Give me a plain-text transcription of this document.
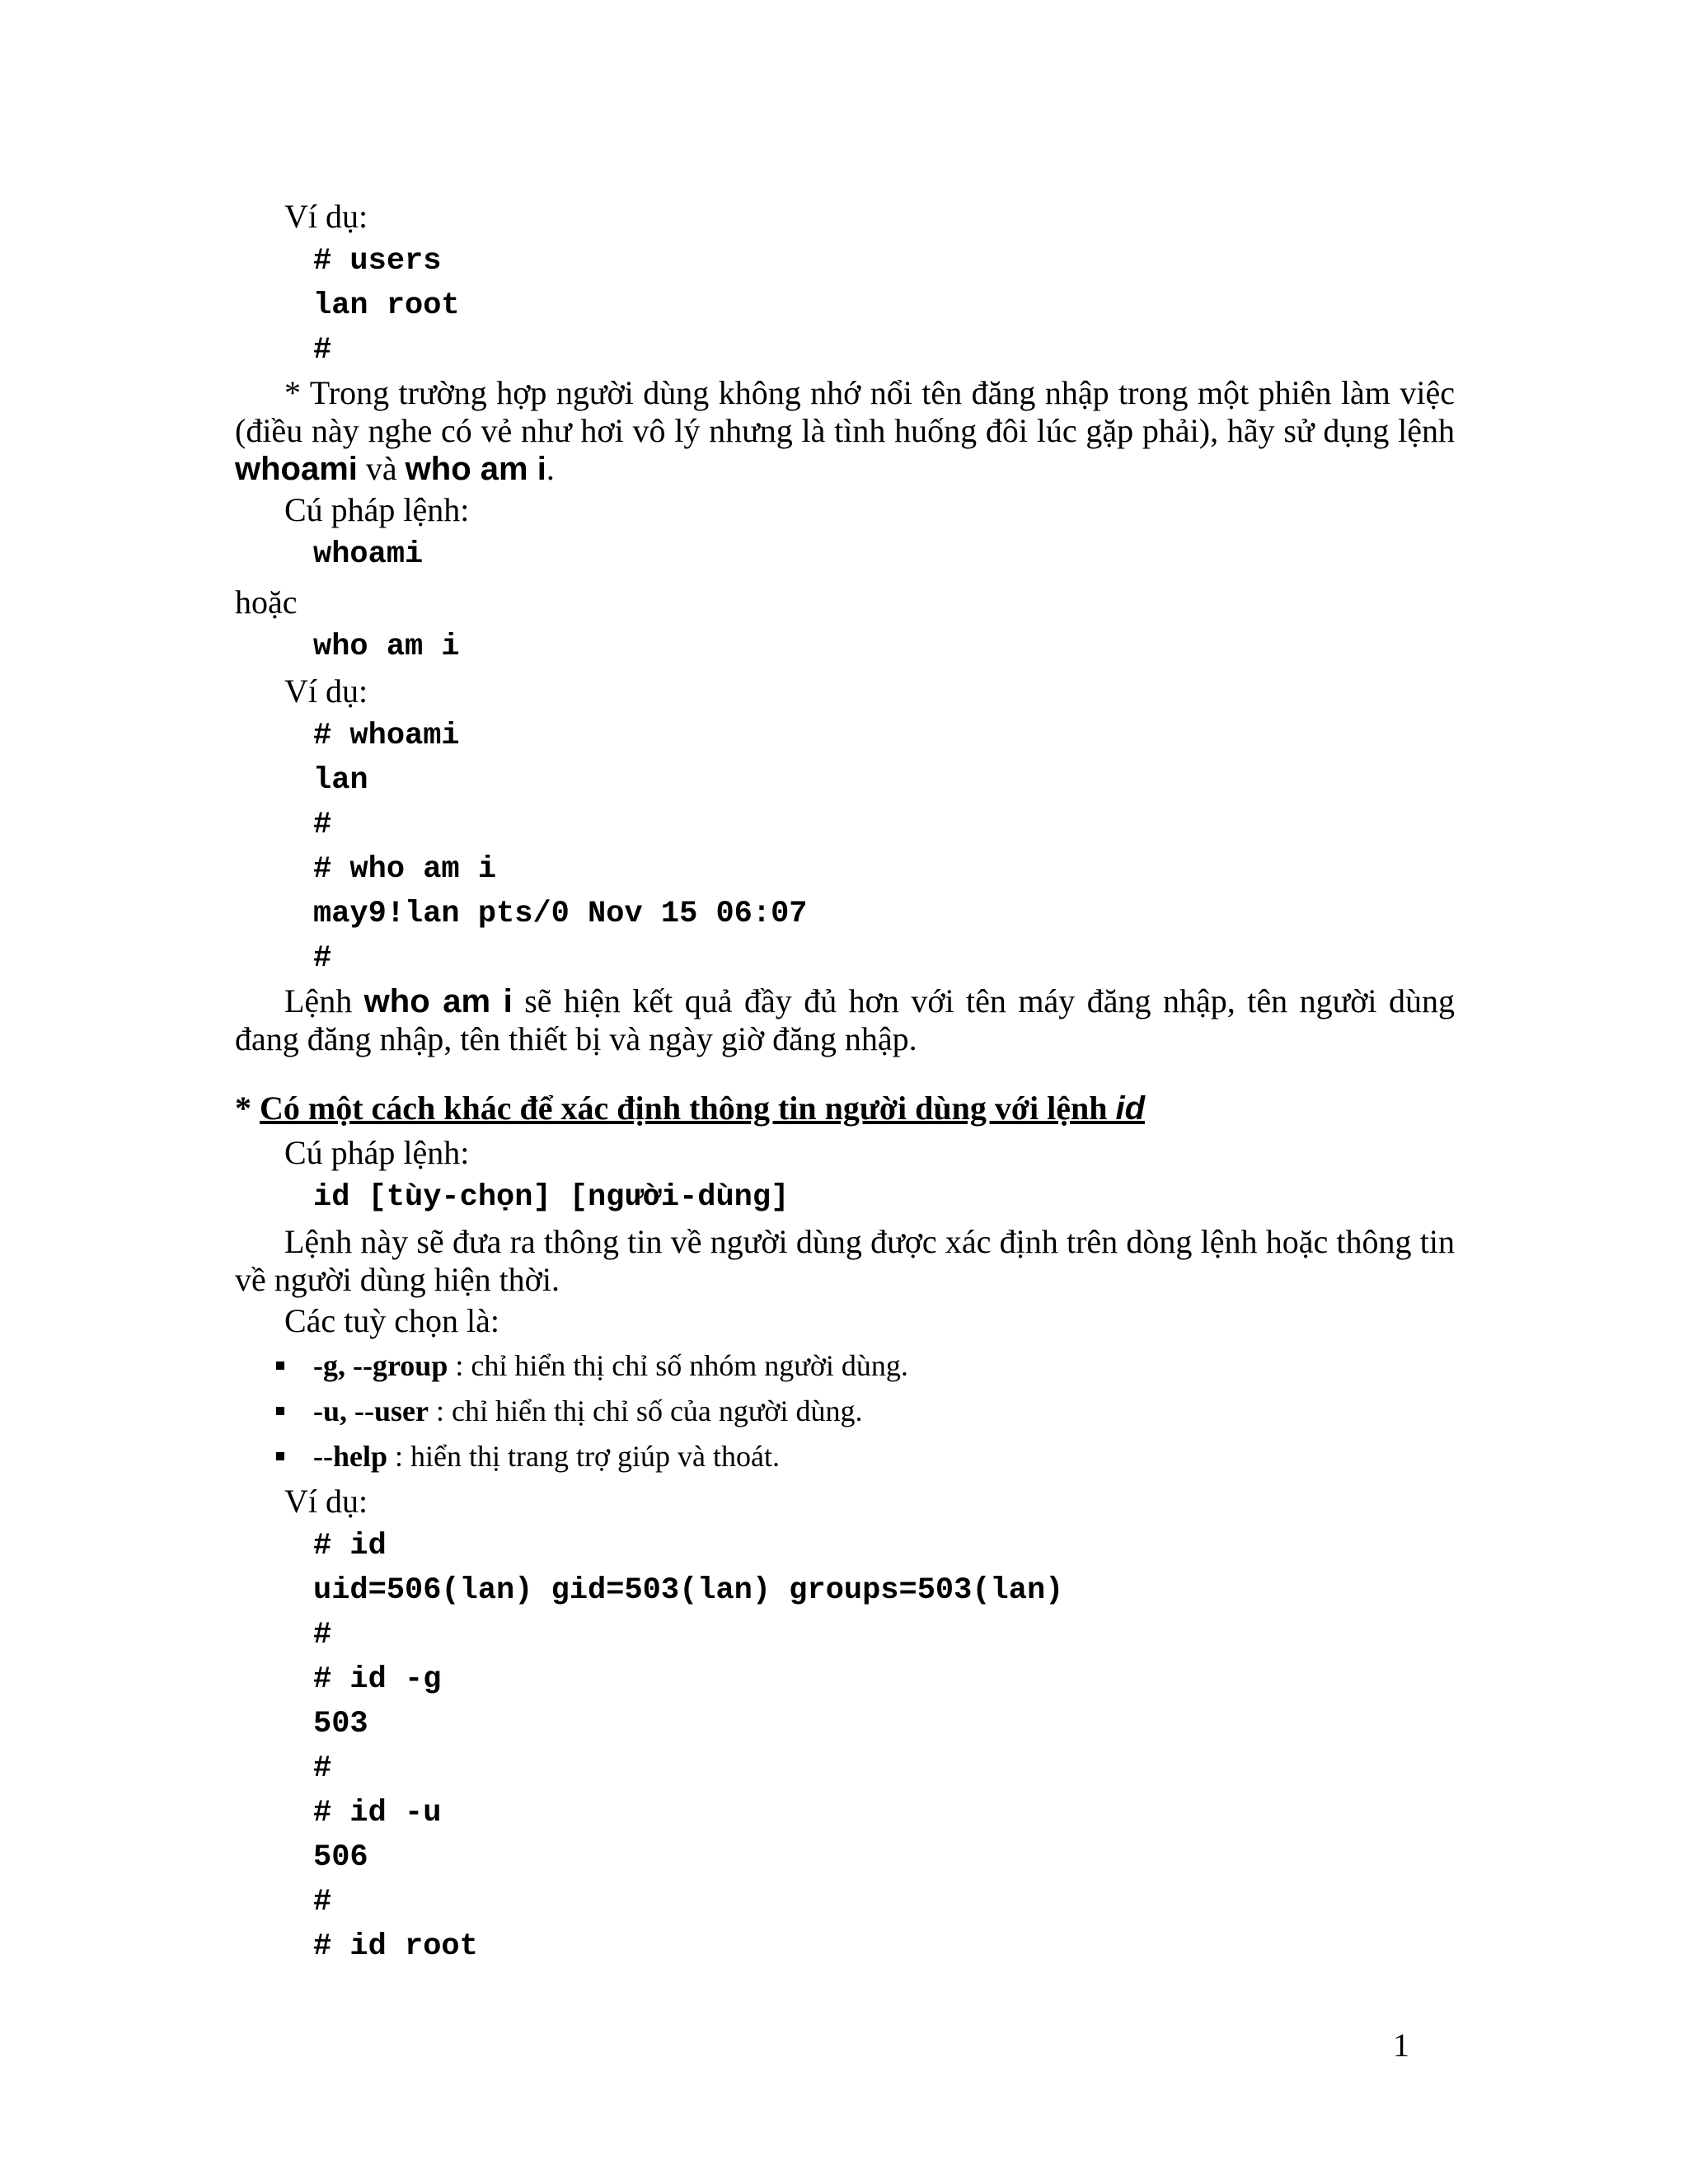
Ví dụ:
# users
lan root
#
* Trong trường hợp người dùng không nhớ nổi tên đăng nhập trong một phiên làm việc (điều này nghe có vẻ như hơi vô lý nhưng là tình huống đôi lúc gặp phải), hãy sử dụng lệnh whoami và who am i.
Cú pháp lệnh:
whoami
hoặc
who am i
Ví dụ:
# whoami
lan
#
# who am i
may9!lan pts/0 Nov 15 06:07
#
Lệnh who am i sẽ hiện kết quả đầy đủ hơn với tên máy đăng nhập, tên người dùng đang đăng nhập, tên thiết bị và ngày giờ đăng nhập.
* Có một cách khác để xác định thông tin người dùng với lệnh id
Cú pháp lệnh:
id [tùy-chọn] [người-dùng]
Lệnh này sẽ đưa ra thông tin về người dùng được xác định trên dòng lệnh hoặc thông tin về người dùng hiện thời.
Các tuỳ chọn là:
-g, --group : chỉ hiển thị chỉ số nhóm người dùng.
-u, --user : chỉ hiển thị chỉ số của người dùng.
--help : hiển thị trang trợ giúp và thoát.
Ví dụ:
# id
uid=506(lan) gid=503(lan) groups=503(lan)
#
# id -g
503
#
# id -u
506
#
# id root
1
